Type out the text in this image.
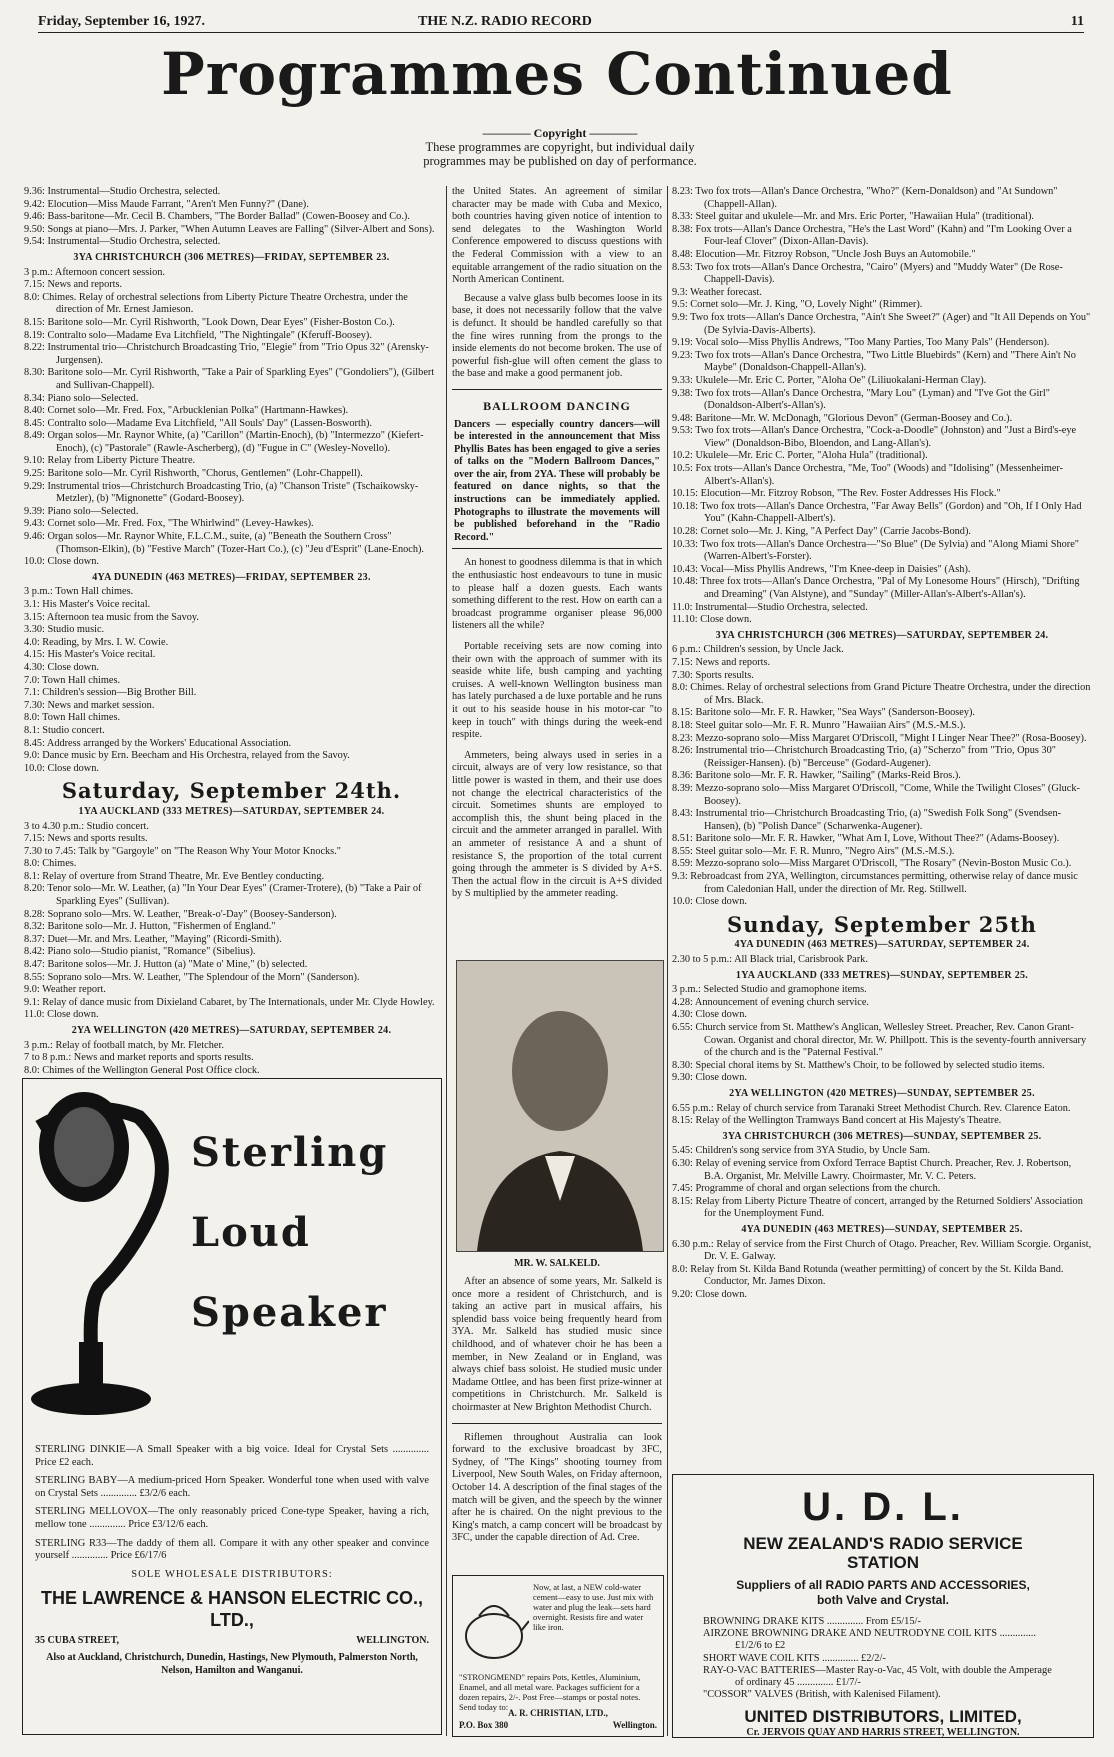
Friday, September 16, 1927.	THE N.Z. RADIO RECORD	11
Programmes Continued
———— Copyright ————
These programmes are copyright, but individual daily
programmes may be published on day of performance.

9.36: Instrumental—Studio Orchestra, selected.

9.42: Elocution—Miss Maude Farrant, "Aren't Men Funny?" (Dane).

9.46: Bass-baritone—Mr. Cecil B. Chambers, "The Border Ballad" (Cowen-Boosey and Co.).

9.50: Songs at piano—Mrs. J. Parker, "When Autumn Leaves are Falling" (Silver-Albert and Sons).

9.54: Instrumental—Studio Orchestra, selected.

3YA CHRISTCHURCH (306 METRES)—FRIDAY, SEPTEMBER 23.

3 p.m.: Afternoon concert session.

7.15: News and reports.

8.0: Chimes. Relay of orchestral selections from Liberty Picture Theatre Orchestra, under the direction of Mr. Ernest Jamieson.

8.15: Baritone solo—Mr. Cyril Rishworth, "Look Down, Dear Eyes" (Fisher-Boston Co.).

8.19: Contralto solo—Madame Eva Litchfield, "The Nightingale" (Kferuff-Boosey).

8.22: Instrumental trio—Christchurch Broadcasting Trio, "Elegie" from "Trio Opus 32" (Arensky-Jurgensen).

8.30: Baritone solo—Mr. Cyril Rishworth, "Take a Pair of Sparkling Eyes" ("Gondoliers"), (Gilbert and Sullivan-Chappell).

8.34: Piano solo—Selected.

8.40: Cornet solo—Mr. Fred. Fox, "Arbucklenian Polka" (Hartmann-Hawkes).

8.45: Contralto solo—Madame Eva Litchfield, "All Souls' Day" (Lassen-Bosworth).

8.49: Organ solos—Mr. Raynor White, (a) "Carillon" (Martin-Enoch), (b) "Intermezzo" (Kiefert-Enoch), (c) "Pastorale" (Rawle-Ascherberg), (d) "Fugue in C" (Wesley-Novello).

9.10: Relay from Liberty Picture Theatre.

9.25: Baritone solo—Mr. Cyril Rishworth, "Chorus, Gentlemen" (Lohr-Chappell).

9.29: Instrumental trios—Christchurch Broadcasting Trio, (a) "Chanson Triste" (Tschaikowsky-Metzler), (b) "Mignonette" (Godard-Boosey).

9.39: Piano solo—Selected.

9.43: Cornet solo—Mr. Fred. Fox, "The Whirlwind" (Levey-Hawkes).

9.46: Organ solos—Mr. Raynor White, F.L.C.M., suite, (a) "Beneath the Southern Cross" (Thomson-Elkin), (b) "Festive March" (Tozer-Hart Co.), (c) "Jeu d'Esprit" (Lane-Enoch).

10.0: Close down.

4YA DUNEDIN (463 METRES)—FRIDAY, SEPTEMBER 23.

3 p.m.: Town Hall chimes.

3.1: His Master's Voice recital.

3.15: Afternoon tea music from the Savoy.

3.30: Studio music.

4.0: Reading, by Mrs. I. W. Cowie.

4.15: His Master's Voice recital.

4.30: Close down.

7.0: Town Hall chimes.

7.1: Children's session—Big Brother Bill.

7.30: News and market session.

8.0: Town Hall chimes.

8.1: Studio concert.

8.45: Address arranged by the Workers' Educational Association.

9.0: Dance music by Ern. Beecham and His Orchestra, relayed from the Savoy.

10.0: Close down.

Saturday, September 24th.

1YA AUCKLAND (333 METRES)—SATURDAY, SEPTEMBER 24.

3 to 4.30 p.m.: Studio concert.

7.15: News and sports results.

7.30 to 7.45: Talk by "Gargoyle" on "The Reason Why Your Motor Knocks."

8.0: Chimes.

8.1: Relay of overture from Strand Theatre, Mr. Eve Bentley conducting.

8.20: Tenor solo—Mr. W. Leather, (a) "In Your Dear Eyes" (Cramer-Trotere), (b) "Take a Pair of Sparkling Eyes" (Sullivan).

8.28: Soprano solo—Mrs. W. Leather, "Break-o'-Day" (Boosey-Sanderson).

8.32: Baritone solo—Mr. J. Hutton, "Fishermen of England."

8.37: Duet—Mr. and Mrs. Leather, "Maying" (Ricordi-Smith).

8.42: Piano solo—Studio pianist, "Romance" (Sibelius).

8.47: Baritone solos—Mr. J. Hutton (a) "Mate o' Mine," (b) selected.

8.55: Soprano solo—Mrs. W. Leather, "The Splendour of the Morn" (Sanderson).

9.0: Weather report.

9.1: Relay of dance music from Dixieland Cabaret, by The Internationals, under Mr. Clyde Howley.

11.0: Close down.

2YA WELLINGTON (420 METRES)—SATURDAY, SEPTEMBER 24.

3 p.m.: Relay of football match, by Mr. Fletcher.

7 to 8 p.m.: News and market reports and sports results.

8.0: Chimes of the Wellington General Post Office clock.

Sterling
Loud
Speaker

STERLING DINKIE—A Small Speaker with a big voice. Ideal for Crystal Sets .............. Price £2 each.

STERLING BABY—A medium-priced Horn Speaker. Wonderful tone when used with valve on Crystal Sets .............. £3/2/6 each.

STERLING MELLOVOX—The only reasonably priced Cone-type Speaker, having a rich, mellow tone .............. Price £3/12/6 each.

STERLING R33—The daddy of them all. Compare it with any other speaker and convince yourself .............. Price £6/17/6

SOLE WHOLESALE DISTRIBUTORS:

THE LAWRENCE & HANSON ELECTRIC CO., LTD.,

35 CUBA STREET,	WELLINGTON.

Also at Auckland, Christchurch, Dunedin, Hastings, New Plymouth, Palmerston North, Nelson, Hamilton and Wanganui.

the United States. An agreement of similar character may be made with Cuba and Mexico, both countries having given notice of intention to send delegates to the Washington World Conference empowered to discuss questions with the Federal Commission with a view to an equitable arrangement of the radio situation on the North American Continent.

Because a valve glass bulb becomes loose in its base, it does not necessarily follow that the valve is defunct. It should be handled carefully so that the fine wires running from the prongs to the inside elements do not become broken. The use of powerful fish-glue will often cement the glass to the base and make a good permanent job.

BALLROOM DANCING

Dancers — especially country dancers—will be interested in the announcement that Miss Phyllis Bates has been engaged to give a series of talks on the "Modern Ballroom Dances," over the air, from 2YA. These will probably be featured on dance nights, so that the instructions can be immediately applied. Photographs to illustrate the movements will be published beforehand in the "Radio Record."

An honest to goodness dilemma is that in which the enthusiastic host endeavours to tune in music to please half a dozen guests. Each wants something different to the rest. How on earth can a broadcast programme organiser please 96,000 listeners all the while?

Portable receiving sets are now coming into their own with the approach of summer with its seaside white life, bush camping and yachting cruises. A well-known Wellington business man has lately purchased a de luxe portable and he runs it out to his seaside house in his motor-car "to keep in touch" with things during the week-end respite.

Ammeters, being always used in series in a circuit, always are of very low resistance, so that little power is wasted in them, and their use does not change the electrical characteristics of the circuit. Sometimes shunts are employed to accomplish this, the shunt being placed in the circuit and the ammeter arranged in parallel. With an ammeter of resistance A and a shunt of resistance S, the proportion of the total current going through the ammeter is S divided by A+S. Then the actual flow in the circuit is A+S divided by S multiplied by the ammeter reading.

MR. W. SALKELD.

After an absence of some years, Mr. Salkeld is once more a resident of Christchurch, and is taking an active part in musical affairs, his splendid bass voice being frequently heard from 3YA. Mr. Salkeld has studied music since childhood, and of whatever choir he has been a member, in New Zealand or in England, was always chief bass soloist. He studied music under Madame Ottlee, and has been first prize-winner at competitions in Christchurch. Mr. Salkeld is choirmaster at New Brighton Methodist Church.

Riflemen throughout Australia can look forward to the exclusive broadcast by 3FC, Sydney, of "The Kings" shooting tourney from Liverpool, New South Wales, on Friday afternoon, October 14. A description of the final stages of the match will be given, and the speech by the winner after he is chaired. On the night previous to the King's match, a camp concert will be broadcast by 3FC, under the capable direction of Ad. Cree.

Now, at last, a NEW cold-water cement—easy to use. Just mix with water and plug the leak—sets hard overnight. Resists fire and water like iron.
"STRONGMEND" repairs Pots, Kettles, Aluminium, Enamel, and all metal ware. Packages sufficient for a dozen repairs, 2/-. Post Free—stamps or postal notes. Send today to:
A. R. CHRISTIAN, LTD.,
P.O. Box 380	Wellington.

8.23: Two fox trots—Allan's Dance Orchestra, "Who?" (Kern-Donaldson) and "At Sundown" (Chappell-Allan).

8.33: Steel guitar and ukulele—Mr. and Mrs. Eric Porter, "Hawaiian Hula" (traditional).

8.38: Fox trots—Allan's Dance Orchestra, "He's the Last Word" (Kahn) and "I'm Looking Over a Four-leaf Clover" (Dixon-Allan-Davis).

8.48: Elocution—Mr. Fitzroy Robson, "Uncle Josh Buys an Automobile."

8.53: Two fox trots—Allan's Dance Orchestra, "Cairo" (Myers) and "Muddy Water" (De Rose-Chappell-Davis).

9.3: Weather forecast.

9.5: Cornet solo—Mr. J. King, "O, Lovely Night" (Rimmer).

9.9: Two fox trots—Allan's Dance Orchestra, "Ain't She Sweet?" (Ager) and "It All Depends on You" (De Sylvia-Davis-Alberts).

9.19: Vocal solo—Miss Phyllis Andrews, "Too Many Parties, Too Many Pals" (Henderson).

9.23: Two fox trots—Allan's Dance Orchestra, "Two Little Bluebirds" (Kern) and "There Ain't No Maybe" (Donaldson-Chappell-Allan's).

9.33: Ukulele—Mr. Eric C. Porter, "Aloha Oe" (Liliuokalani-Herman Clay).

9.38: Two fox trots—Allan's Dance Orchestra, "Mary Lou" (Lyman) and "I've Got the Girl" (Donaldson-Albert's-Allan's).

9.48: Baritone—Mr. W. McDonagh, "Glorious Devon" (German-Boosey and Co.).

9.53: Two fox trots—Allan's Dance Orchestra, "Cock-a-Doodle" (Johnston) and "Just a Bird's-eye View" (Donaldson-Bibo, Bloendon, and Lang-Allan's).

10.2: Ukulele—Mr. Eric C. Porter, "Aloha Hula" (traditional).

10.5: Fox trots—Allan's Dance Orchestra, "Me, Too" (Woods) and "Idolising" (Messenheimer-Albert's-Allan's).

10.15: Elocution—Mr. Fitzroy Robson, "The Rev. Foster Addresses His Flock."

10.18: Two fox trots—Allan's Dance Orchestra, "Far Away Bells" (Gordon) and "Oh, If I Only Had You" (Kahn-Chappell-Albert's).

10.28: Cornet solo—Mr. J. King, "A Perfect Day" (Carrie Jacobs-Bond).

10.33: Two fox trots—Allan's Dance Orchestra—"So Blue" (De Sylvia) and "Along Miami Shore" (Warren-Albert's-Forster).

10.43: Vocal—Miss Phyllis Andrews, "I'm Knee-deep in Daisies" (Ash).

10.48: Three fox trots—Allan's Dance Orchestra, "Pal of My Lonesome Hours" (Hirsch), "Drifting and Dreaming" (Van Alstyne), and "Sunday" (Miller-Allan's-Albert's-Allan's).

11.0: Instrumental—Studio Orchestra, selected.

11.10: Close down.

3YA CHRISTCHURCH (306 METRES)—SATURDAY, SEPTEMBER 24.

6 p.m.: Children's session, by Uncle Jack.

7.15: News and reports.

7.30: Sports results.

8.0: Chimes. Relay of orchestral selections from Grand Picture Theatre Orchestra, under the direction of Mrs. Black.

8.15: Baritone solo—Mr. F. R. Hawker, "Sea Ways" (Sanderson-Boosey).

8.18: Steel guitar solo—Mr. F. R. Munro "Hawaiian Airs" (M.S.-M.S.).

8.23: Mezzo-soprano solo—Miss Margaret O'Driscoll, "Might I Linger Near Thee?" (Rosa-Boosey).

8.26: Instrumental trio—Christchurch Broadcasting Trio, (a) "Scherzo" from "Trio, Opus 30" (Reissiger-Hansen). (b) "Berceuse" (Godard-Augener).

8.36: Baritone solo—Mr. F. R. Hawker, "Sailing" (Marks-Reid Bros.).

8.39: Mezzo-soprano solo—Miss Margaret O'Driscoll, "Come, While the Twilight Closes" (Gluck-Boosey).

8.43: Instrumental trio—Christchurch Broadcasting Trio, (a) "Swedish Folk Song" (Svendsen-Hansen), (b) "Polish Dance" (Scharwenka-Augener).

8.51: Baritone solo—Mr. F. R. Hawker, "What Am I, Love, Without Thee?" (Adams-Boosey).

8.55: Steel guitar solo—Mr. F. R. Munro, "Negro Airs" (M.S.-M.S.).

8.59: Mezzo-soprano solo—Miss Margaret O'Driscoll, "The Rosary" (Nevin-Boston Music Co.).

9.3: Rebroadcast from 2YA, Wellington, circumstances permitting, otherwise relay of dance music from Caledonian Hall, under the direction of Mr. Reg. Stillwell.

10.0: Close down.

Sunday, September 25th

4YA DUNEDIN (463 METRES)—SATURDAY, SEPTEMBER 24.

2.30 to 5 p.m.: All Black trial, Carisbrook Park.

1YA AUCKLAND (333 METRES)—SUNDAY, SEPTEMBER 25.

3 p.m.: Selected Studio and gramophone items.

4.28: Announcement of evening church service.

4.30: Close down.

6.55: Church service from St. Matthew's Anglican, Wellesley Street. Preacher, Rev. Canon Grant-Cowan. Organist and choral director, Mr. W. Phillpott. This is the seventy-fourth anniversary of the church and is the "Paternal Festival."

8.30: Special choral items by St. Matthew's Choir, to be followed by selected studio items.

9.30: Close down.

2YA WELLINGTON (420 METRES)—SUNDAY, SEPTEMBER 25.

6.55 p.m.: Relay of church service from Taranaki Street Methodist Church. Rev. Clarence Eaton.

8.15: Relay of the Wellington Tramways Band concert at His Majesty's Theatre.

3YA CHRISTCHURCH (306 METRES)—SUNDAY, SEPTEMBER 25.

5.45: Children's song service from 3YA Studio, by Uncle Sam.

6.30: Relay of evening service from Oxford Terrace Baptist Church. Preacher, Rev. J. Robertson, B.A. Organist, Mr. Melville Lawry. Choirmaster, Mr. V. C. Peters.

7.45: Programme of choral and organ selections from the church.

8.15: Relay from Liberty Picture Theatre of concert, arranged by the Returned Soldiers' Association for the Unemployment Fund.

4YA DUNEDIN (463 METRES)—SUNDAY, SEPTEMBER 25.

6.30 p.m.: Relay of service from the First Church of Otago. Preacher, Rev. William Scorgie. Organist, Dr. V. E. Galway.

8.0: Relay from St. Kilda Band Rotunda (weather permitting) of concert by the St. Kilda Band. Conductor, Mr. James Dixon.

9.20: Close down.

U. D. L.
NEW ZEALAND'S RADIO SERVICE
STATION
Suppliers of all RADIO PARTS AND ACCESSORIES,
both Valve and Crystal.

BROWNING DRAKE KITS .............. From £5/15/-

AIRZONE BROWNING DRAKE AND NEUTRODYNE COIL KITS .............. £1/2/6 to £2

SHORT WAVE COIL KITS .............. £2/2/-

RAY-O-VAC BATTERIES—Master Ray-o-Vac, 45 Volt, with double the Amperage of ordinary 45 .............. £1/7/-

"COSSOR" VALVES (British, with Kalenised Filament).

UNITED DISTRIBUTORS, LIMITED,
Cr. JERVOIS QUAY AND HARRIS STREET, WELLINGTON.
